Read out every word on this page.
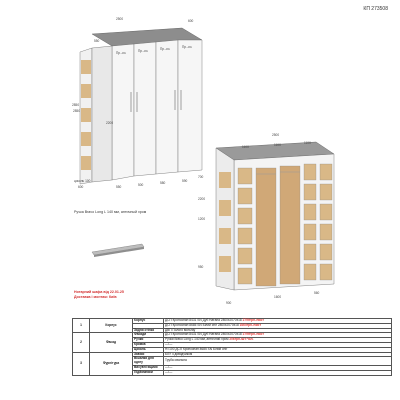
КП 273508
2500	600
2850
550
Пр.-оч.	Пр.-оч.	Пр.-оч.	Пр.-оч.
2200
550	500	580	590
2850
цоколь 100
600
2500
1100	1100	1100
700
1200
2200
950
1600
900
560
Ручка Bravo Long L 140 мм, античный хром
Нотарний шафа від 22.01.25
Доставка і монтаж: Київ
1	Корпус	Корпус	ДСП Кроноспан 8431 SN Дуб Натана 2800х2070х18 2799грн./лист
			ДСП Кроноспан 8685 SN Білий сніг 2800х2070х18 1665грн./лист
		Задня стінка	ДВП Полого вольгау
2	Фасад	Фасади	ДСП Кроноспан 8431 SN Дуб Натана 2800х2070х18 2799грн./лист
		Ручки	Ручки Bravo Long L 140 мм, античний хром 206грн./шт.Чол.
		Кромка	—/—
		Цоколь	Н=100 ДСП Кроноспан 8685 SN Білий сніг
3	Фурнітура	Завіси	БЛУ з доводчиком
		Вішалка для одягу	Труба овальна
		Висувні ящики	—/—
		Підйомники	—/—
